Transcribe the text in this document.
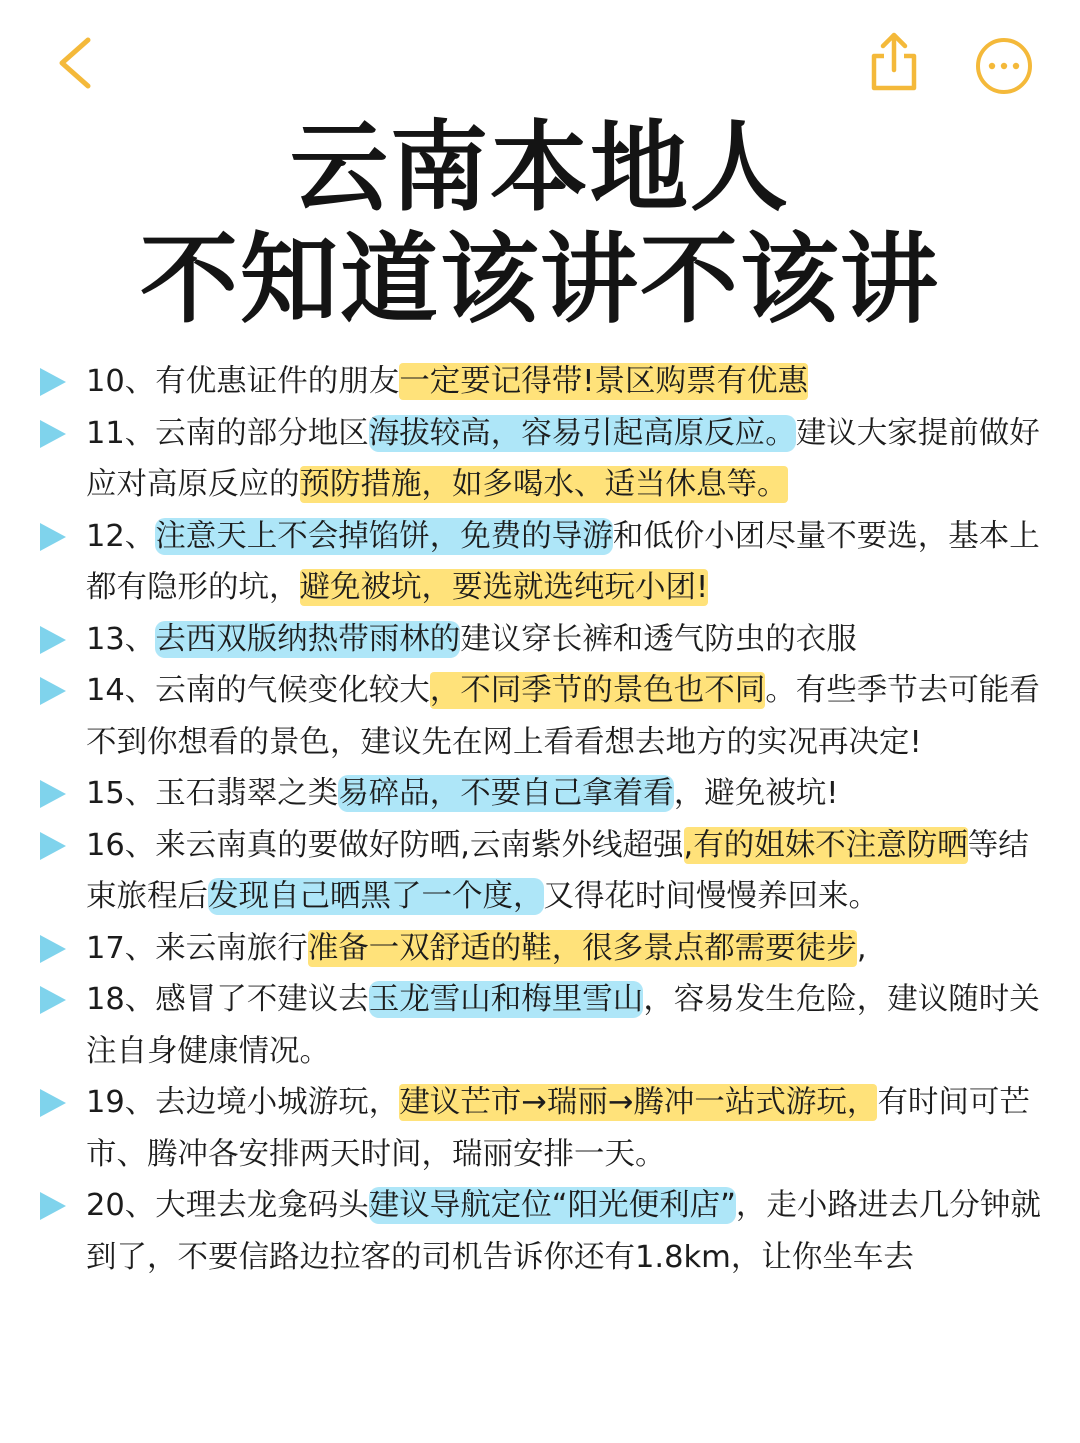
云南本地人
不知道该讲不该讲
10、有优惠证件的朋友一定要记得带!景区购票有优惠
11、云南的部分地区海拔较高，容易引起高原反应。建议大家提前做好应对高原反应的预防措施，如多喝水、适当休息等。
12、注意天上不会掉馅饼，免费的导游和低价小团尽量不要选，基本上都有隐形的坑，避免被坑，要选就选纯玩小团!
13、去西双版纳热带雨林的建议穿长裤和透气防虫的衣服
14、云南的气候变化较大，不同季节的景色也不同。有些季节去可能看不到你想看的景色，建议先在网上看看想去地方的实况再决定!
15、玉石翡翠之类易碎品，不要自己拿着看，避免被坑!
16、来云南真的要做好防晒,云南紫外线超强,有的姐妹不注意防晒等结束旅程后发现自己晒黑了一个度，又得花时间慢慢养回来。
17、来云南旅行准备一双舒适的鞋，很多景点都需要徒步,
18、感冒了不建议去玉龙雪山和梅里雪山，容易发生危险，建议随时关注自身健康情况。
19、去边境小城游玩，建议芒市→瑞丽→腾冲一站式游玩，有时间可芒市、腾冲各安排两天时间，瑞丽安排一天。
20、大理去龙龛码头建议导航定位“阳光便利店”，走小路进去几分钟就到了，不要信路边拉客的司机告诉你还有1.8km，让你坐车去
